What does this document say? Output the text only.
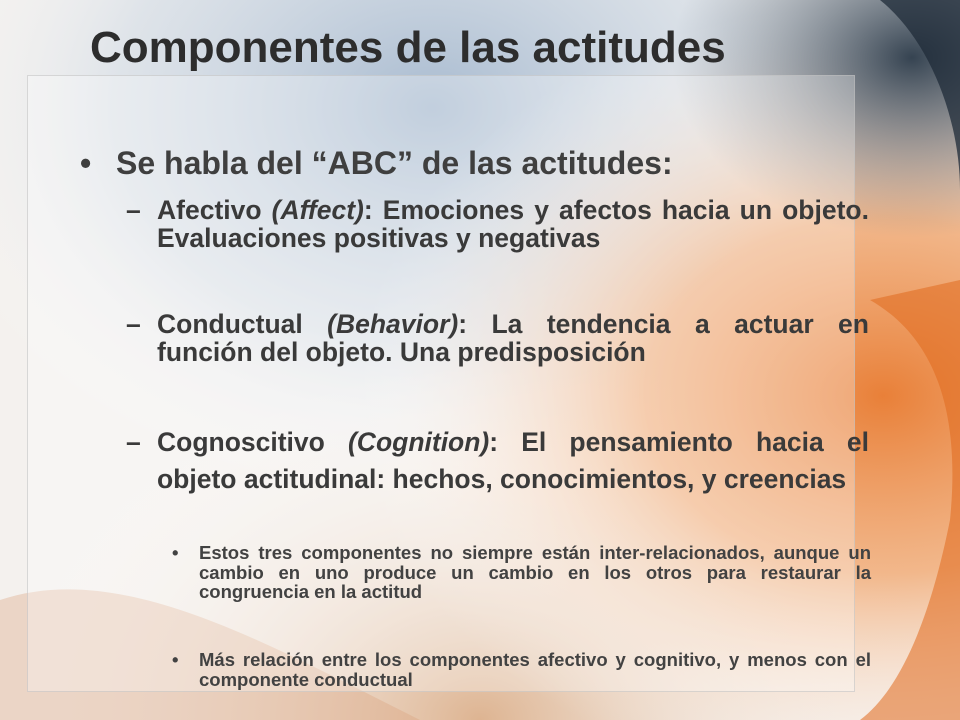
Componentes de las actitudes
• Se habla del “ABC” de las actitudes:
– Afectivo (Affect): Emociones y afectos hacia un objeto. Evaluaciones positivas y negativas
– Conductual (Behavior): La tendencia a actuar en función del objeto. Una predisposición
– Cognoscitivo (Cognition): El pensamiento hacia el objeto actitudinal: hechos, conocimientos, y creencias
• Estos tres componentes no siempre están inter-relacionados, aunque un cambio en uno produce un cambio en los otros para restaurar la congruencia en la actitud
• Más relación entre los componentes afectivo y cognitivo, y menos con el componente conductual
